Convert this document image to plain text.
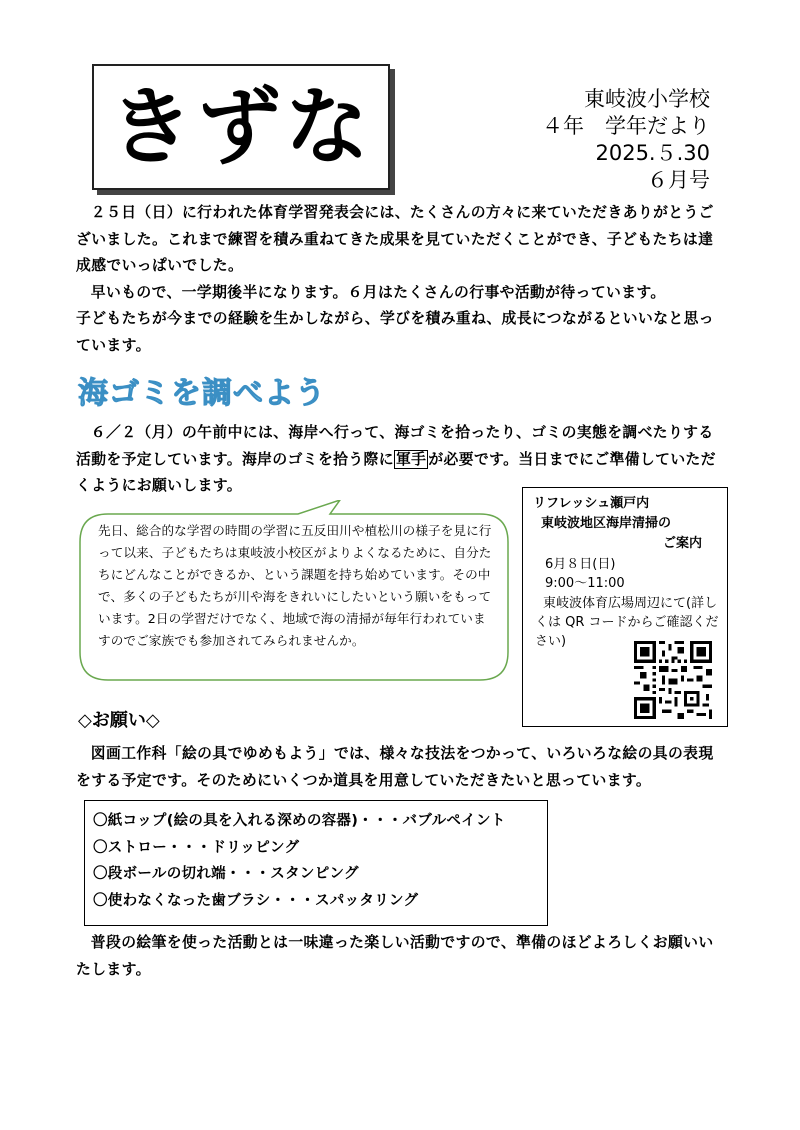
きずな	東岐波小学校
４年　学年だより
2025.５.30
６月号
２５日（日）に行われた体育学習発表会には、たくさんの方々に来ていただきありがとうございました。これまで練習を積み重ねてきた成果を見ていただくことができ、子どもたちは達成感でいっぱいでした。
早いもので、一学期後半になります。６月はたくさんの行事や活動が待っています。
子どもたちが今までの経験を生かしながら、学びを積み重ね、成長につながるといいなと思っています。
海ゴミを調べよう
６／２（月）の午前中には、海岸へ行って、海ゴミを拾ったり、ゴミの実態を調べたりする活動を予定しています。海岸のゴミを拾う際に 軍手 が必要です。当日までにご準備していただくようにお願いします。
先日、総合的な学習の時間の学習に五反田川や植松川の様子を見に行って以来、子どもたちは東岐波小校区がよりよくなるために、自分たちにどんなことができるか、という課題を持ち始めています。その中で、多くの子どもたちが川や海をきれいにしたいという願いをもっています。2日の学習だけでなく、地域で海の清掃が毎年行われていますのでご家族でも参加されてみられませんか。
リフレッシュ瀬戸内
東岐波地区海岸清掃の
ご案内
6月８日(日)
9:00～11:00
東岐波体育広場周辺にて(詳しくは QR コードからご確認ください)
◇お願い◇
図画工作科「絵の具でゆめもよう」では、様々な技法をつかって、いろいろな絵の具の表現をする予定です。そのためにいくつか道具を用意していただきたいと思っています。
〇紙コップ(絵の具を入れる深めの容器)・・・バブルペイント
〇ストロー・・・ドリッピング
〇段ボールの切れ端・・・スタンピング
〇使わなくなった歯ブラシ・・・スパッタリング
普段の絵筆を使った活動とは一味違った楽しい活動ですので、準備のほどよろしくお願いいたします。
